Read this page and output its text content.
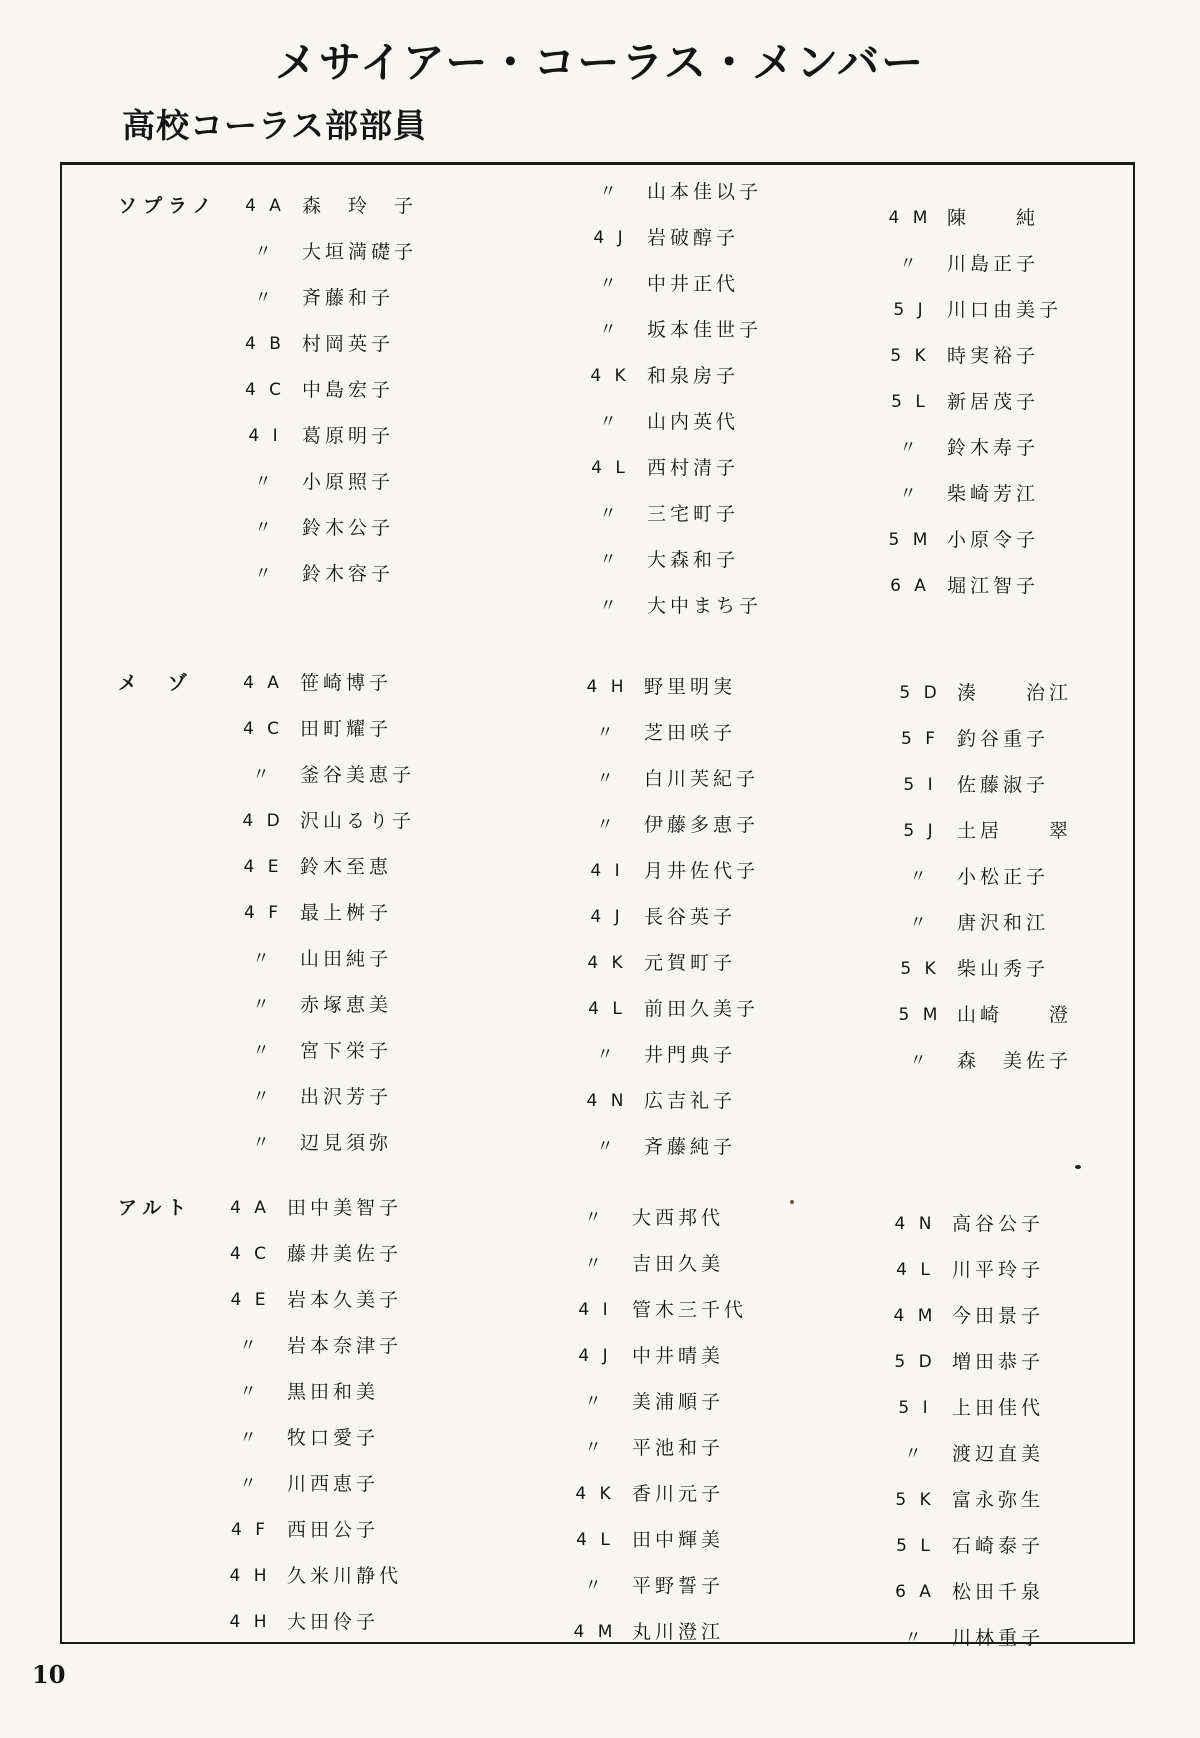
メサイアー・コーラス・メンバー
高校コーラス部部員
ソプラノ 4 A 森　玲　子
〃	大垣満礎子
〃	斉藤和子
4 B 村岡英子
4 C 中島宏子
4 I	葛原明子
〃	小原照子
〃	鈴木公子
〃	鈴木容子
〃	山本佳以子
4 J	岩破醇子
〃	中井正代
〃	坂本佳世子
4 K 和泉房子
〃	山内英代
4 L 西村清子
〃	三宅町子
〃	大森和子
〃	大中まち子
4 M 陳　　純
〃	川島正子
5 J	川口由美子
5 K 時実裕子
5 L 新居茂子
〃	鈴木寿子
〃	柴崎芳江
5 M 小原令子
6 A 堀江智子
メ　ゾ	4 A 笹崎博子
4 C 田町耀子
〃	釜谷美恵子
4 D 沢山るり子
4 E 鈴木至恵
4 F 最上桝子
〃	山田純子
〃	赤塚恵美
〃	宮下栄子
〃	出沢芳子
〃	辺見須弥
4 H 野里明実
〃	芝田咲子
〃	白川芙紀子
〃	伊藤多恵子
4 I	月井佐代子
4 J	長谷英子
4 K 元賀町子
4 L 前田久美子
〃	井門典子
4 N 広吉礼子
〃	斉藤純子
5 D 湊　　治江
5 F 釣谷重子
5 I	佐藤淑子
5 J	土居　　翠
〃	小松正子
〃	唐沢和江
5 K 柴山秀子
5 M 山崎　　澄
〃	森　美佐子
アルト 4 A 田中美智子
4 C 藤井美佐子
4 E 岩本久美子
〃	岩本奈津子
〃	黒田和美
〃	牧口愛子
〃	川西恵子
4 F 西田公子
4 H 久米川静代
4 H 大田伶子
〃	大西邦代
〃	吉田久美
4 I	管木三千代
4 J	中井晴美
〃	美浦順子
〃	平池和子
4 K 香川元子
4 L 田中輝美
〃	平野誓子
4 M 丸川澄江
4 N 高谷公子
4 L 川平玲子
4 M 今田景子
5 D 増田恭子
5 I	上田佳代
〃	渡辺直美
5 K 富永弥生
5 L 石崎泰子
6 A 松田千泉
〃	川林重子
10
